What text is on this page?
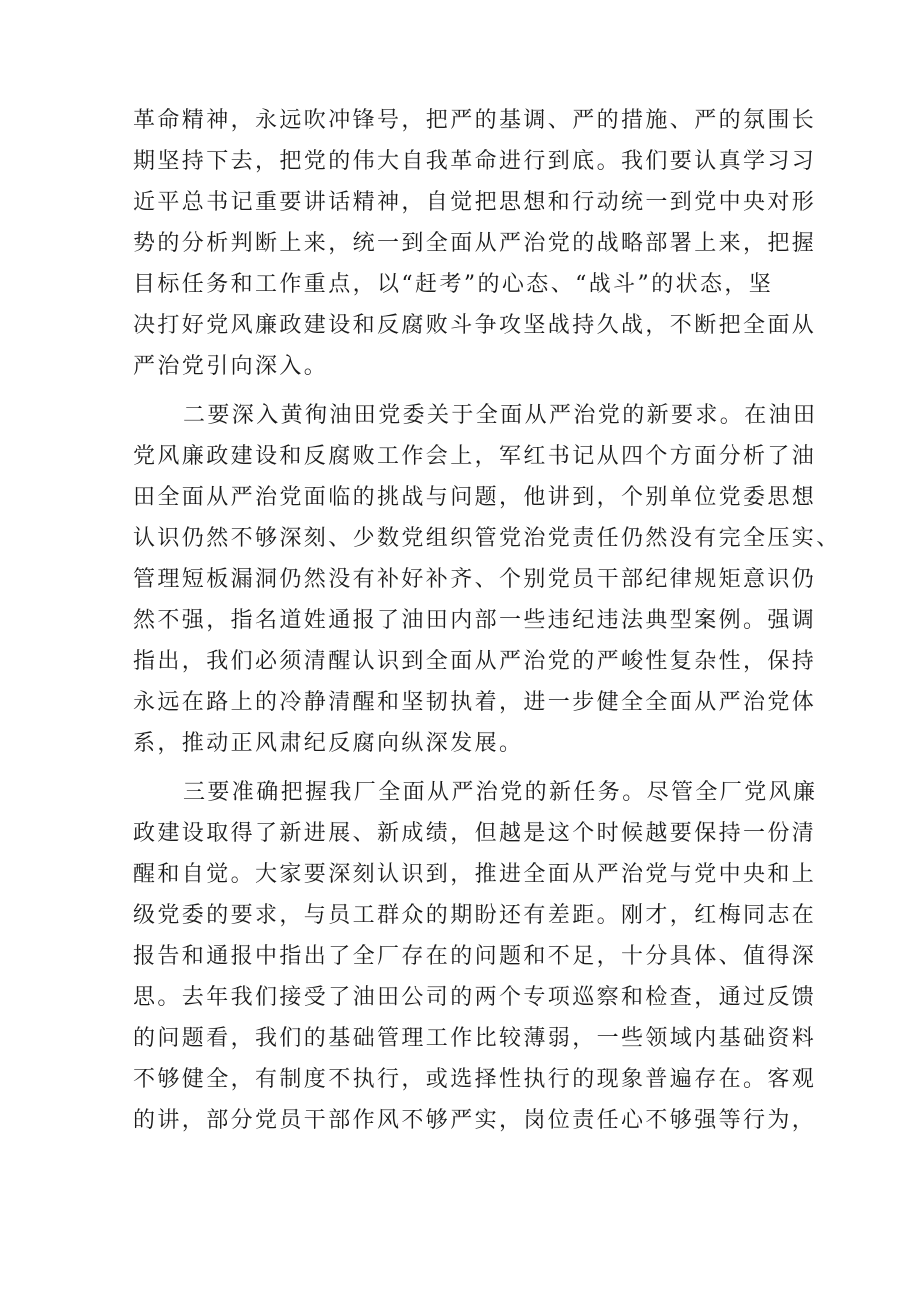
革命精神，永远吹冲锋号，把严的基调、严的措施、严的氛围长
期坚持下去，把党的伟大自我革命进行到底。我们要认真学习习
近平总书记重要讲话精神，自觉把思想和行动统一到党中央对形
势的分析判断上来，统一到全面从严治党的战略部署上来，把握
目标任务和工作重点，以“赶考”的心态、“战斗”的状态，坚
决打好党风廉政建设和反腐败斗争攻坚战持久战，不断把全面从
严治党引向深入。
二要深入黄徇油田党委关于全面从严治党的新要求。在油田
党风廉政建设和反腐败工作会上，军红书记从四个方面分析了油
田全面从严治党面临的挑战与问题，他讲到，个别单位党委思想
认识仍然不够深刻、少数党组织管党治党责任仍然没有完全压实、
管理短板漏洞仍然没有补好补齐、个别党员干部纪律规矩意识仍
然不强，指名道姓通报了油田内部一些违纪违法典型案例。强调
指出，我们必须清醒认识到全面从严治党的严峻性复杂性，保持
永远在路上的冷静清醒和坚韧执着，进一步健全全面从严治党体
系，推动正风肃纪反腐向纵深发展。
三要准确把握我厂全面从严治党的新任务。尽管全厂党风廉
政建设取得了新进展、新成绩，但越是这个时候越要保持一份清
醒和自觉。大家要深刻认识到，推进全面从严治党与党中央和上
级党委的要求，与员工群众的期盼还有差距。刚才，红梅同志在
报告和通报中指出了全厂存在的问题和不足，十分具体、值得深
思。去年我们接受了油田公司的两个专项巡察和检查，通过反馈
的问题看，我们的基础管理工作比较薄弱，一些领域内基础资料
不够健全，有制度不执行，或选择性执行的现象普遍存在。客观
的讲，部分党员干部作风不够严实，岗位责任心不够强等行为，
